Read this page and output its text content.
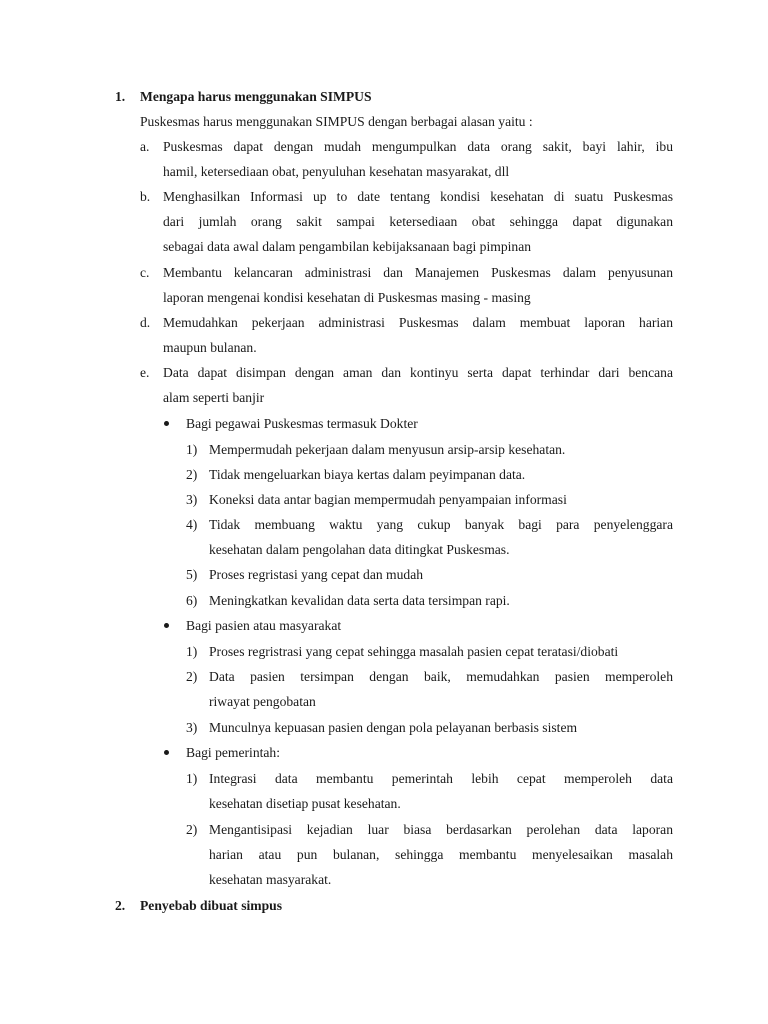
1. Mengapa harus menggunakan SIMPUS
Puskesmas harus menggunakan SIMPUS dengan berbagai alasan yaitu :
a. Puskesmas dapat dengan mudah mengumpulkan data orang sakit, bayi lahir, ibu
hamil, ketersediaan obat, penyuluhan kesehatan masyarakat, dll
b. Menghasilkan Informasi up to date tentang kondisi kesehatan di suatu Puskesmas
dari jumlah orang sakit sampai ketersediaan obat sehingga dapat digunakan
sebagai data awal dalam pengambilan kebijaksanaan bagi pimpinan
c. Membantu kelancaran administrasi dan Manajemen Puskesmas dalam penyusunan
laporan mengenai kondisi kesehatan di Puskesmas masing - masing
d. Memudahkan pekerjaan administrasi Puskesmas dalam membuat laporan harian
maupun bulanan.
e. Data dapat disimpan dengan aman dan kontinyu serta dapat terhindar dari bencana
alam seperti banjir
Bagi pegawai Puskesmas termasuk Dokter
1) Mempermudah pekerjaan dalam menyusun arsip-arsip kesehatan.
2) Tidak mengeluarkan biaya kertas dalam peyimpanan data.
3) Koneksi data antar bagian mempermudah penyampaian informasi
4) Tidak membuang waktu yang cukup banyak bagi para penyelenggara
kesehatan dalam pengolahan data ditingkat Puskesmas.
5) Proses regristasi yang cepat dan mudah
6) Meningkatkan kevalidan data serta data tersimpan rapi.
Bagi pasien atau masyarakat
1) Proses regristrasi yang cepat sehingga masalah pasien cepat teratasi/diobati
2) Data pasien tersimpan dengan baik, memudahkan pasien memperoleh
riwayat pengobatan
3) Munculnya kepuasan pasien dengan pola pelayanan berbasis sistem
Bagi pemerintah:
1) Integrasi data membantu pemerintah lebih cepat memperoleh data
kesehatan disetiap pusat kesehatan.
2) Mengantisipasi kejadian luar biasa berdasarkan perolehan data laporan
harian atau pun bulanan, sehingga membantu menyelesaikan masalah
kesehatan masyarakat.
2. Penyebab dibuat simpus
